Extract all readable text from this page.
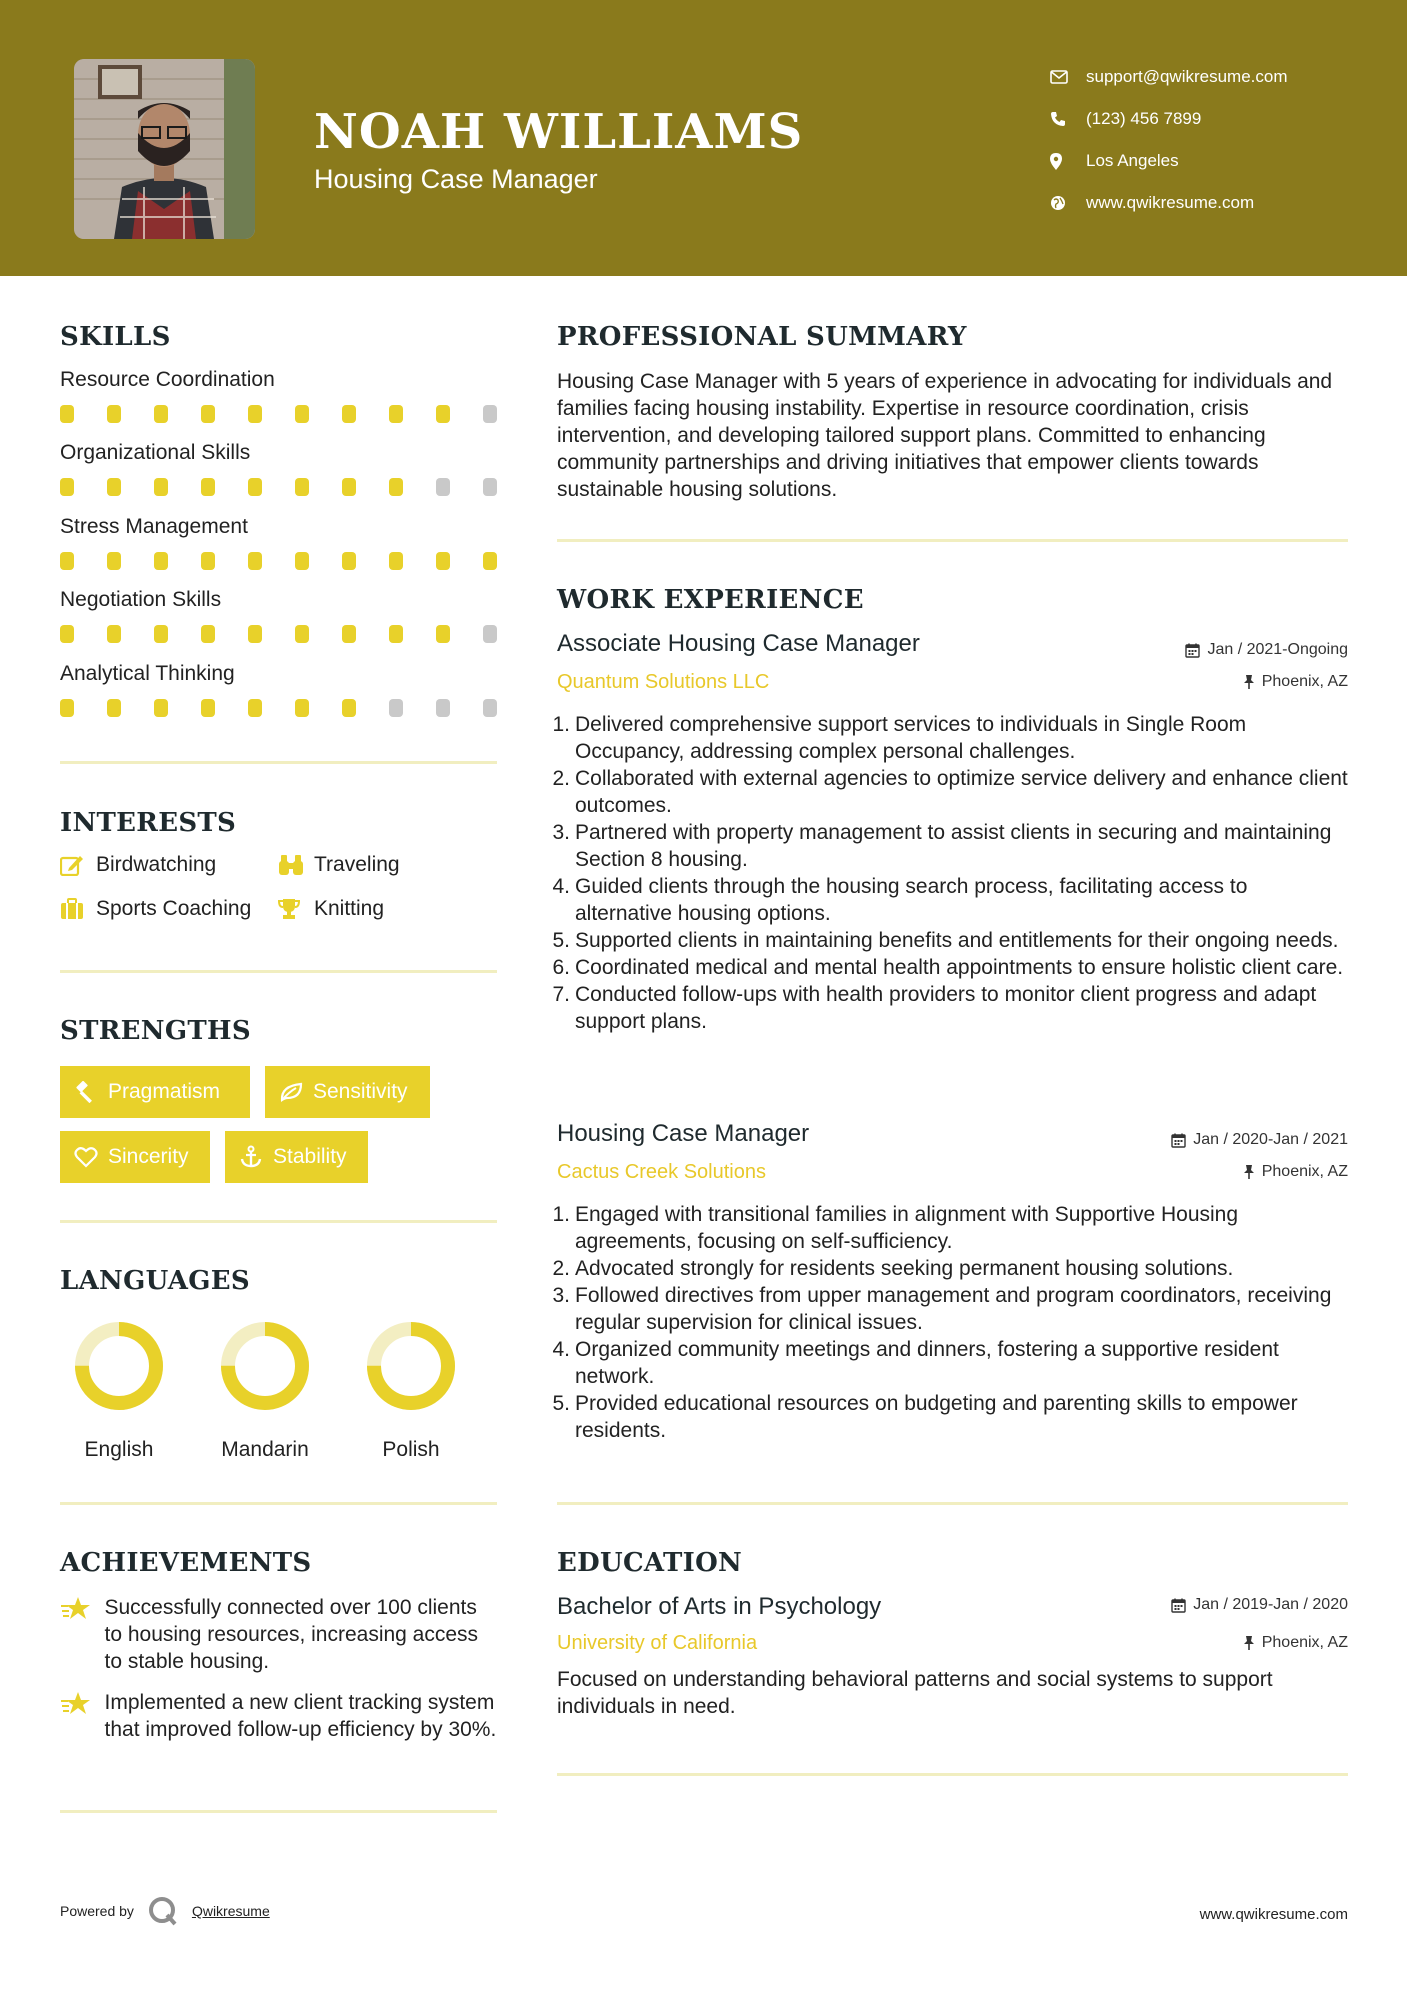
NOAH WILLIAMS
Housing Case Manager
support@qwikresume.com
(123) 456 7899
Los Angeles
www.qwikresume.com
SKILLS
Resource Coordination
Organizational Skills
Stress Management
Negotiation Skills
Analytical Thinking
INTERESTS
Birdwatching	Traveling
Sports Coaching	Knitting
STRENGTHS
Pragmatism	Sensitivity
Sincerity	Stability
LANGUAGES
English	Mandarin	Polish
ACHIEVEMENTS
Successfully connected over 100 clients to housing resources, increasing access to stable housing.
Implemented a new client tracking system that improved follow-up efficiency by 30%.
PROFESSIONAL SUMMARY
Housing Case Manager with 5 years of experience in advocating for individuals and families facing housing instability. Expertise in resource coordination, crisis intervention, and developing tailored support plans. Committed to enhancing community partnerships and driving initiatives that empower clients towards sustainable housing solutions.
WORK EXPERIENCE
Associate Housing Case Manager	Jan / 2021-Ongoing
Quantum Solutions LLC	Phoenix, AZ
1. Delivered comprehensive support services to individuals in Single Room Occupancy, addressing complex personal challenges.
2. Collaborated with external agencies to optimize service delivery and enhance client outcomes.
3. Partnered with property management to assist clients in securing and maintaining Section 8 housing.
4. Guided clients through the housing search process, facilitating access to alternative housing options.
5. Supported clients in maintaining benefits and entitlements for their ongoing needs.
6. Coordinated medical and mental health appointments to ensure holistic client care.
7. Conducted follow-ups with health providers to monitor client progress and adapt support plans.
Housing Case Manager	Jan / 2020-Jan / 2021
Cactus Creek Solutions	Phoenix, AZ
1. Engaged with transitional families in alignment with Supportive Housing agreements, focusing on self-sufficiency.
2. Advocated strongly for residents seeking permanent housing solutions.
3. Followed directives from upper management and program coordinators, receiving regular supervision for clinical issues.
4. Organized community meetings and dinners, fostering a supportive resident network.
5. Provided educational resources on budgeting and parenting skills to empower residents.
EDUCATION
Bachelor of Arts in Psychology	Jan / 2019-Jan / 2020
University of California	Phoenix, AZ
Focused on understanding behavioral patterns and social systems to support individuals in need.
Powered by	Qwikresume	www.qwikresume.com
